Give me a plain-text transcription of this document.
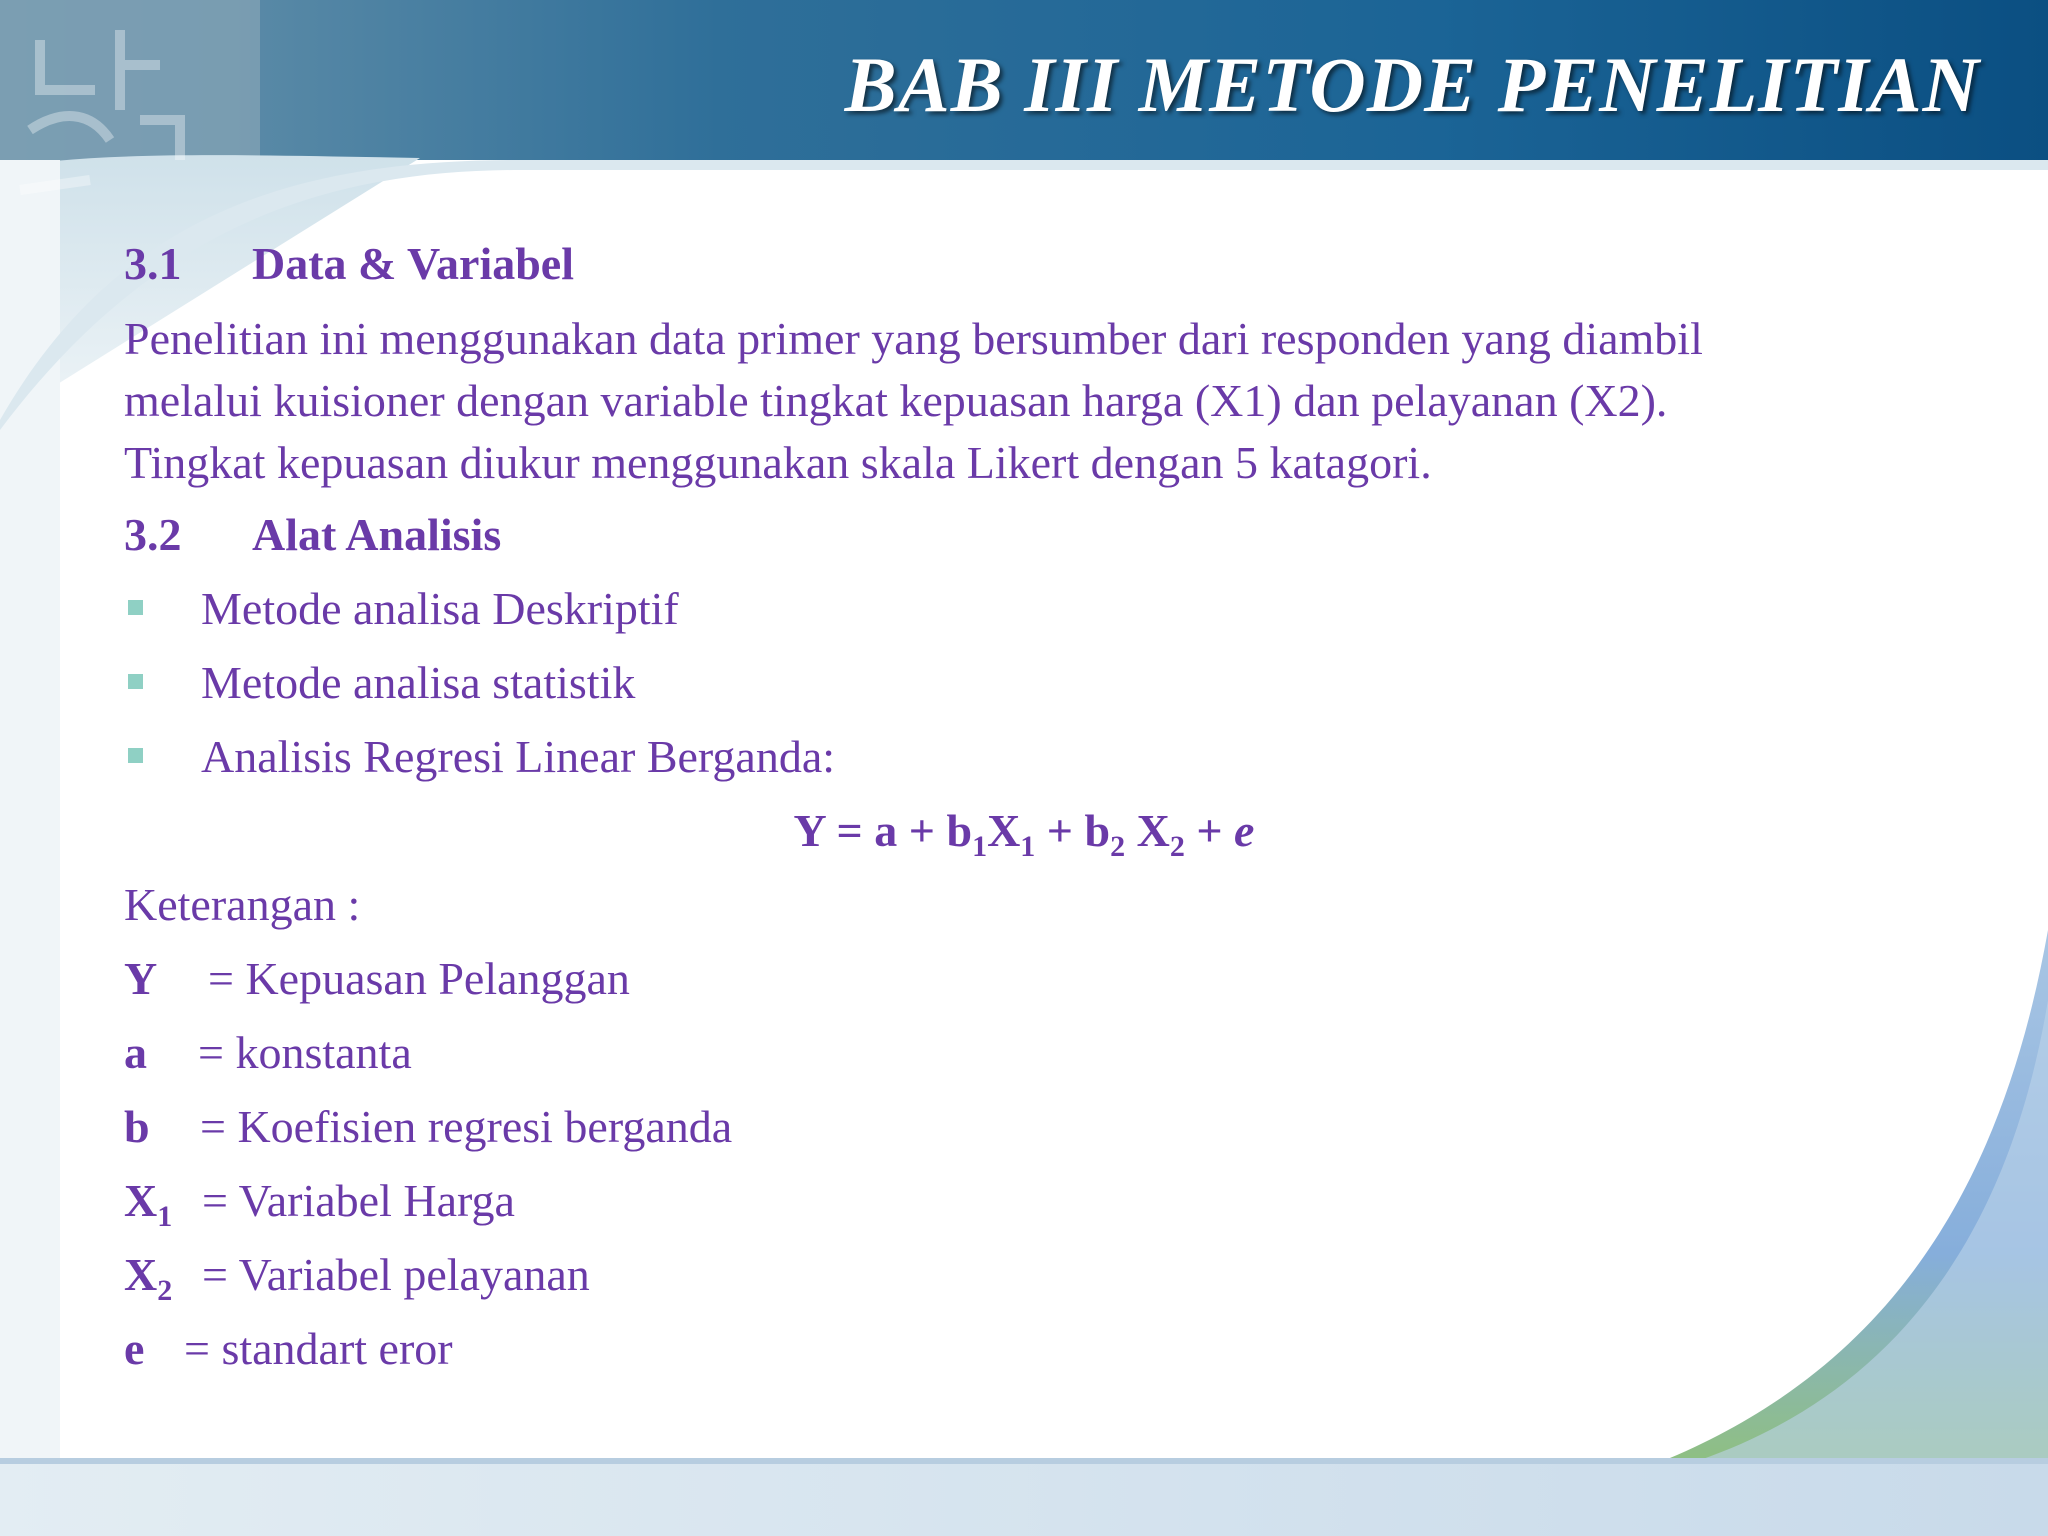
BAB III METODE PENELITIAN
3.1 Data & Variabel
Penelitian ini menggunakan data primer yang bersumber dari responden yang diambil
melalui kuisioner dengan variable tingkat kepuasan harga (X1) dan pelayanan (X2).
Tingkat kepuasan diukur menggunakan skala Likert dengan 5 katagori.
3.2 Alat Analisis
Metode analisa Deskriptif
Metode analisa statistik
Analisis Regresi Linear Berganda:
$Y = a + b_1X_1 + b_2$ $X_2 + e$
Keterangan :
Y = Kepuasan Pelanggan
a = konstanta
b = Koefisien regresi berganda
$X_1$ = Variabel Harga
$X_2$ = Variabel pelayanan
e = standart eror
